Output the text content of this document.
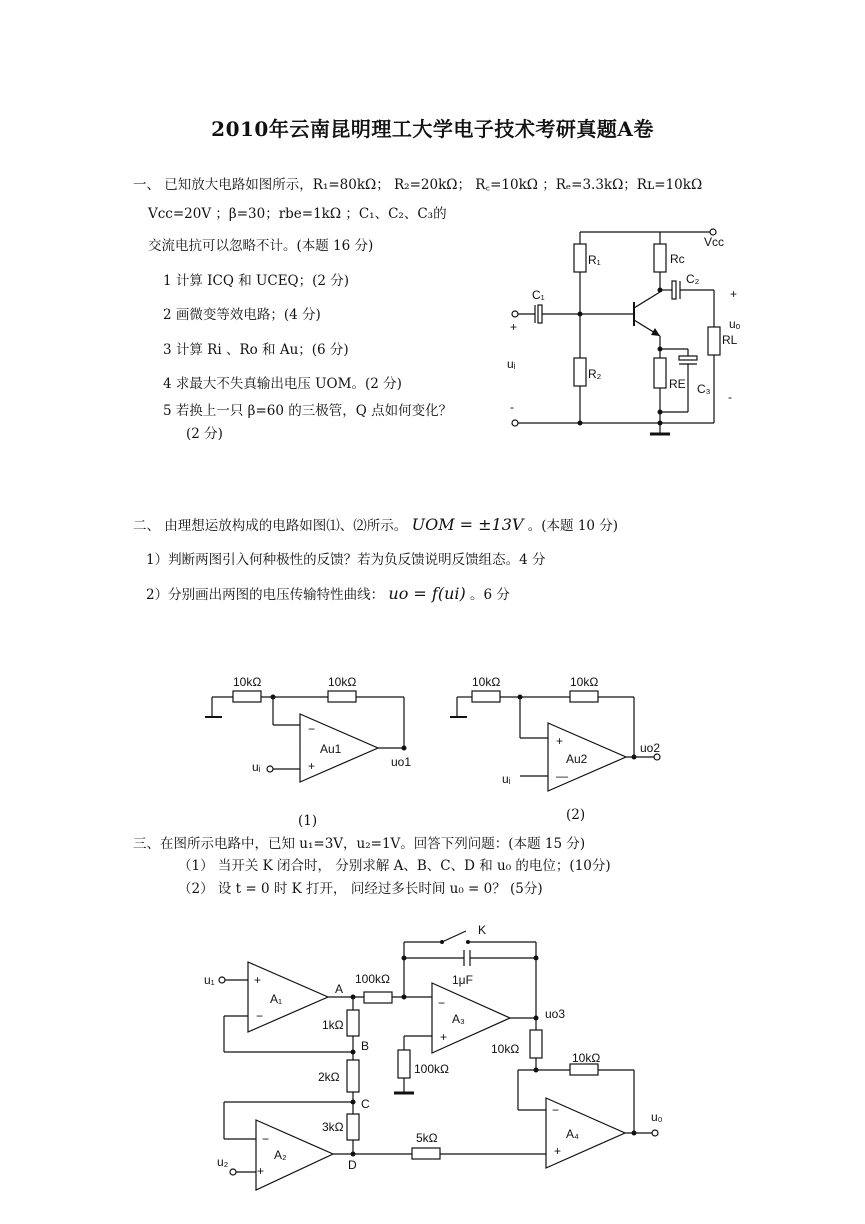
2010年云南昆明理工大学电子技术考研真题A卷
一、 已知放大电路如图所示，R₁=80kΩ； R₂=20kΩ； R꜀=10kΩ ；Rₑ=3.3kΩ；Rʟ=10kΩ
Vcc=20V ；β=30；rbe=1kΩ ；C₁、C₂、C₃的
交流电抗可以忽略不计。(本题 16 分)
1 计算 ICQ 和 UCEQ；(2 分)
2 画微变等效电路；(4 分)
3 计算 Ri 、Ro 和 Au；(6 分)
4 求最大不失真输出电压 UOM。(2 分)
5 若换上一只 β=60 的三极管，Q 点如何变化？
(2 分)
二、 由理想运放构成的电路如图⑴、⑵所示。 UOM = ±13V 。(本题 10 分)
1）判断两图引入何种极性的反馈？若为负反馈说明反馈组态。4 分
2）分别画出两图的电压传输特性曲线： uo = f(ui) 。6 分
三、在图所示电路中，已知 u₁=3V，u₂=1V。回答下列问题：(本题 15 分)
（1） 当开关 K 闭合时， 分别求解 A、B、C、D 和 u₀ 的电位；(10分)
（2） 设 t = 0 时 K 打开， 问经过多长时间 u₀ = 0？ (5分)
(1)	(2)
R₁
R₂
Rc
RE
RL
C₁
C₂
C₃
Vcc
uᵢ
uₒ
+
-
+
-
10kΩ	10kΩ
−
+
Au1
uᵢ	uo1
10kΩ	10kΩ
+
—
Au2
uᵢ
uo2
u₁
u₂
A₁
A₂
A₃
A₄
+
−
−
+
−
+
−
+
A
B
C
D
K
100kΩ	1μF
1kΩ
2kΩ
3kΩ
5kΩ
10kΩ
10kΩ
100kΩ
uo3
u₀
